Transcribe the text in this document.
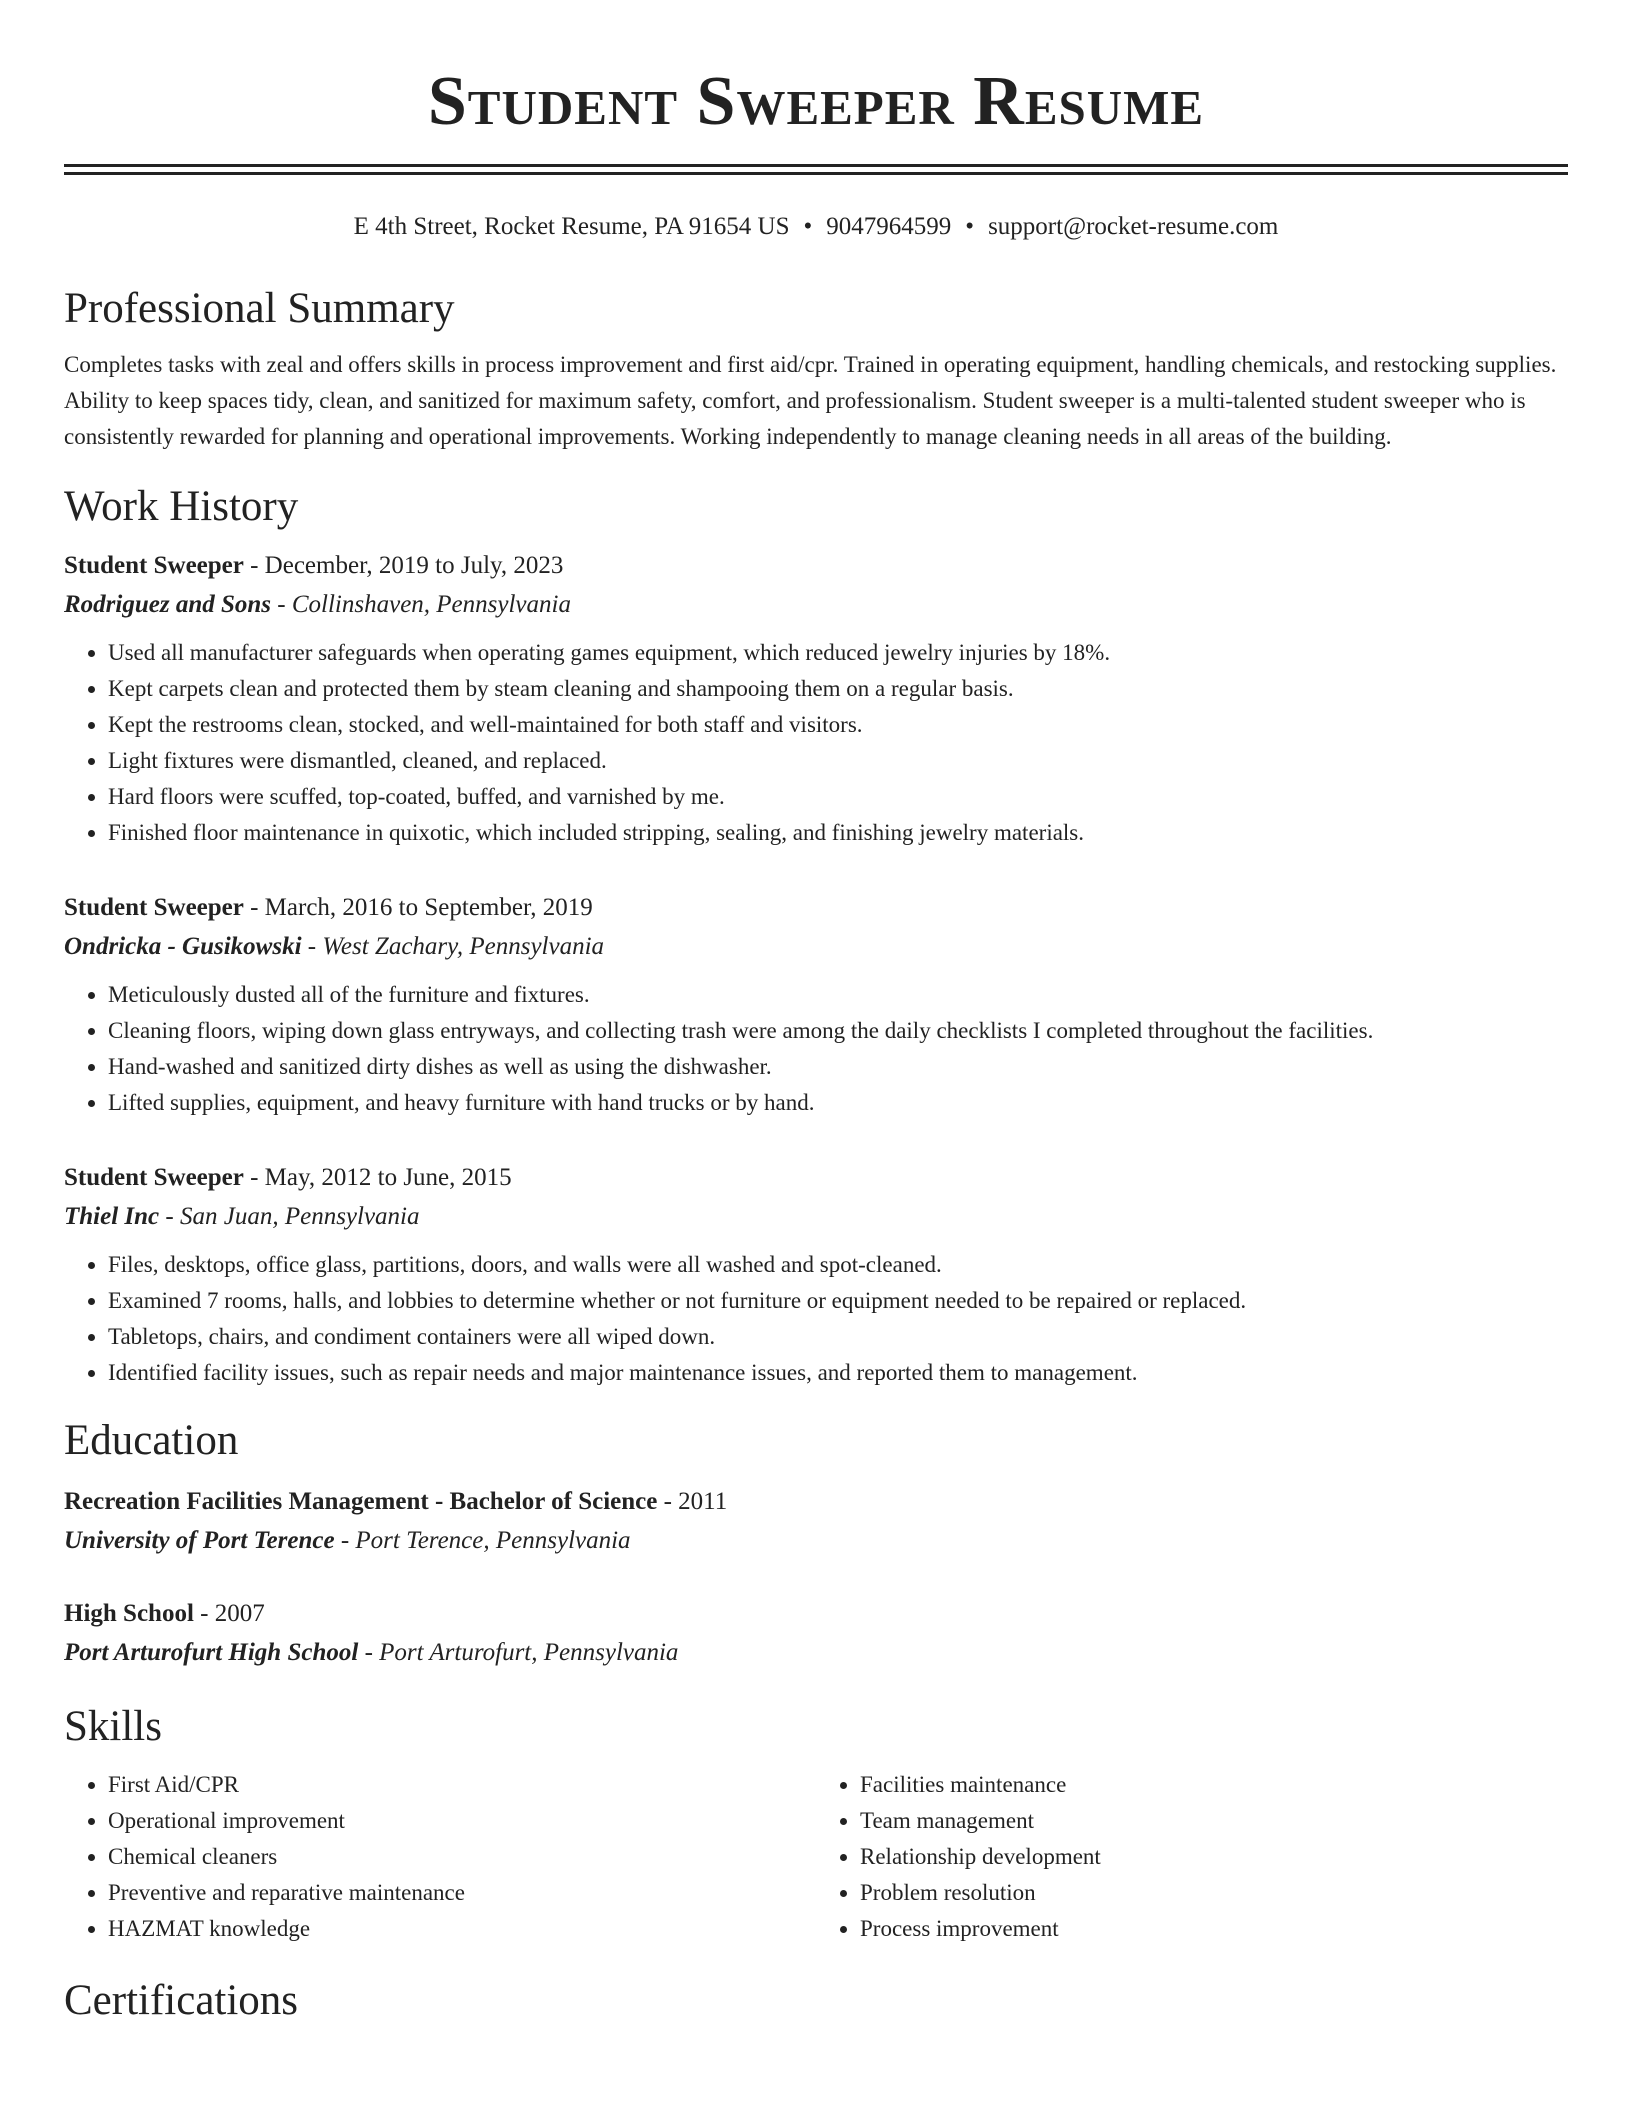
Student Sweeper Resume
E 4th Street, Rocket Resume, PA 91654 US • 9047964599 • support@rocket-resume.com
Professional Summary

Completes tasks with zeal and offers skills in process improvement and first aid/cpr. Trained in operating equipment, handling chemicals, and restocking supplies. Ability to keep spaces tidy, clean, and sanitized for maximum safety, comfort, and professionalism. Student sweeper is a multi-talented student sweeper who is consistently rewarded for planning and operational improvements. Working independently to manage cleaning needs in all areas of the building.

Work History
Student Sweeper - December, 2019 to July, 2023
Rodriguez and Sons - Collinshaven, Pennsylvania
• Used all manufacturer safeguards when operating games equipment, which reduced jewelry injuries by 18%.
• Kept carpets clean and protected them by steam cleaning and shampooing them on a regular basis.
• Kept the restrooms clean, stocked, and well-maintained for both staff and visitors.
• Light fixtures were dismantled, cleaned, and replaced.
• Hard floors were scuffed, top-coated, buffed, and varnished by me.
• Finished floor maintenance in quixotic, which included stripping, sealing, and finishing jewelry materials.
Student Sweeper - March, 2016 to September, 2019
Ondricka - Gusikowski - West Zachary, Pennsylvania
• Meticulously dusted all of the furniture and fixtures.
• Cleaning floors, wiping down glass entryways, and collecting trash were among the daily checklists I completed throughout the facilities.
• Hand-washed and sanitized dirty dishes as well as using the dishwasher.
• Lifted supplies, equipment, and heavy furniture with hand trucks or by hand.
Student Sweeper - May, 2012 to June, 2015
Thiel Inc - San Juan, Pennsylvania
• Files, desktops, office glass, partitions, doors, and walls were all washed and spot-cleaned.
• Examined 7 rooms, halls, and lobbies to determine whether or not furniture or equipment needed to be repaired or replaced.
• Tabletops, chairs, and condiment containers were all wiped down.
• Identified facility issues, such as repair needs and major maintenance issues, and reported them to management.
Education
Recreation Facilities Management - Bachelor of Science - 2011
University of Port Terence - Port Terence, Pennsylvania
High School - 2007
Port Arturofurt High School - Port Arturofurt, Pennsylvania
Skills
• First Aid/CPR
• Operational improvement
• Chemical cleaners
• Preventive and reparative maintenance
• HAZMAT knowledge
• Facilities maintenance
• Team management
• Relationship development
• Problem resolution
• Process improvement
Certifications
